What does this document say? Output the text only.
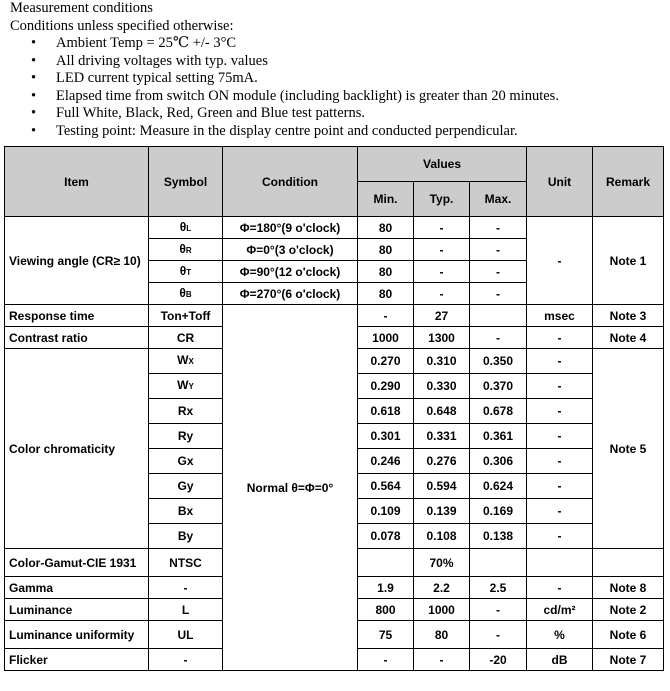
Measurement conditions

Conditions unless specified otherwise:

• Ambient Temp = 25℃ +/- 3°C
• All driving voltages with typ. values
• LED current typical setting 75mA.
• Elapsed time from switch ON module (including backlight) is greater than 20 minutes.
• Full White, Black, Red, Green and Blue test patterns.
• Testing point: Measure in the display centre point and conducted perpendicular.
Item	Symbol	Condition	Values			Unit	Remark
			Min.	Typ.	Max.		
Viewing angle (CR≥ 10)	θL	Φ=180°(9 o'clock)	80	-	-	-	Note 1
	θR	Φ=0°(3 o'clock)	80	-	-		
	θT	Φ=90°(12 o'clock)	80	-	-		
	θB	Φ=270°(6 o'clock)	80	-	-		
Response time	Ton+Toff	Normal θ=Φ=0°	-	27		msec	Note 3
Contrast ratio	CR		1000	1300	-	-	Note 4
Color chromaticity	WX		0.270	0.310	0.350	-	Note 5
	WY		0.290	0.330	0.370	-	
	Rx		0.618	0.648	0.678	-	
	Ry		0.301	0.331	0.361	-	
	Gx		0.246	0.276	0.306	-	
	Gy		0.564	0.594	0.624	-	
	Bx		0.109	0.139	0.169	-	
	By		0.078	0.108	0.138	-	
Color-Gamut-CIE 1931	NTSC			70%			
Gamma	-		1.9	2.2	2.5	-	Note 8
Luminance	L		800	1000	-	cd/m²	Note 2
Luminance uniformity	UL		75	80	-	%	Note 6
Flicker	-		-	-	-20	dB	Note 7
